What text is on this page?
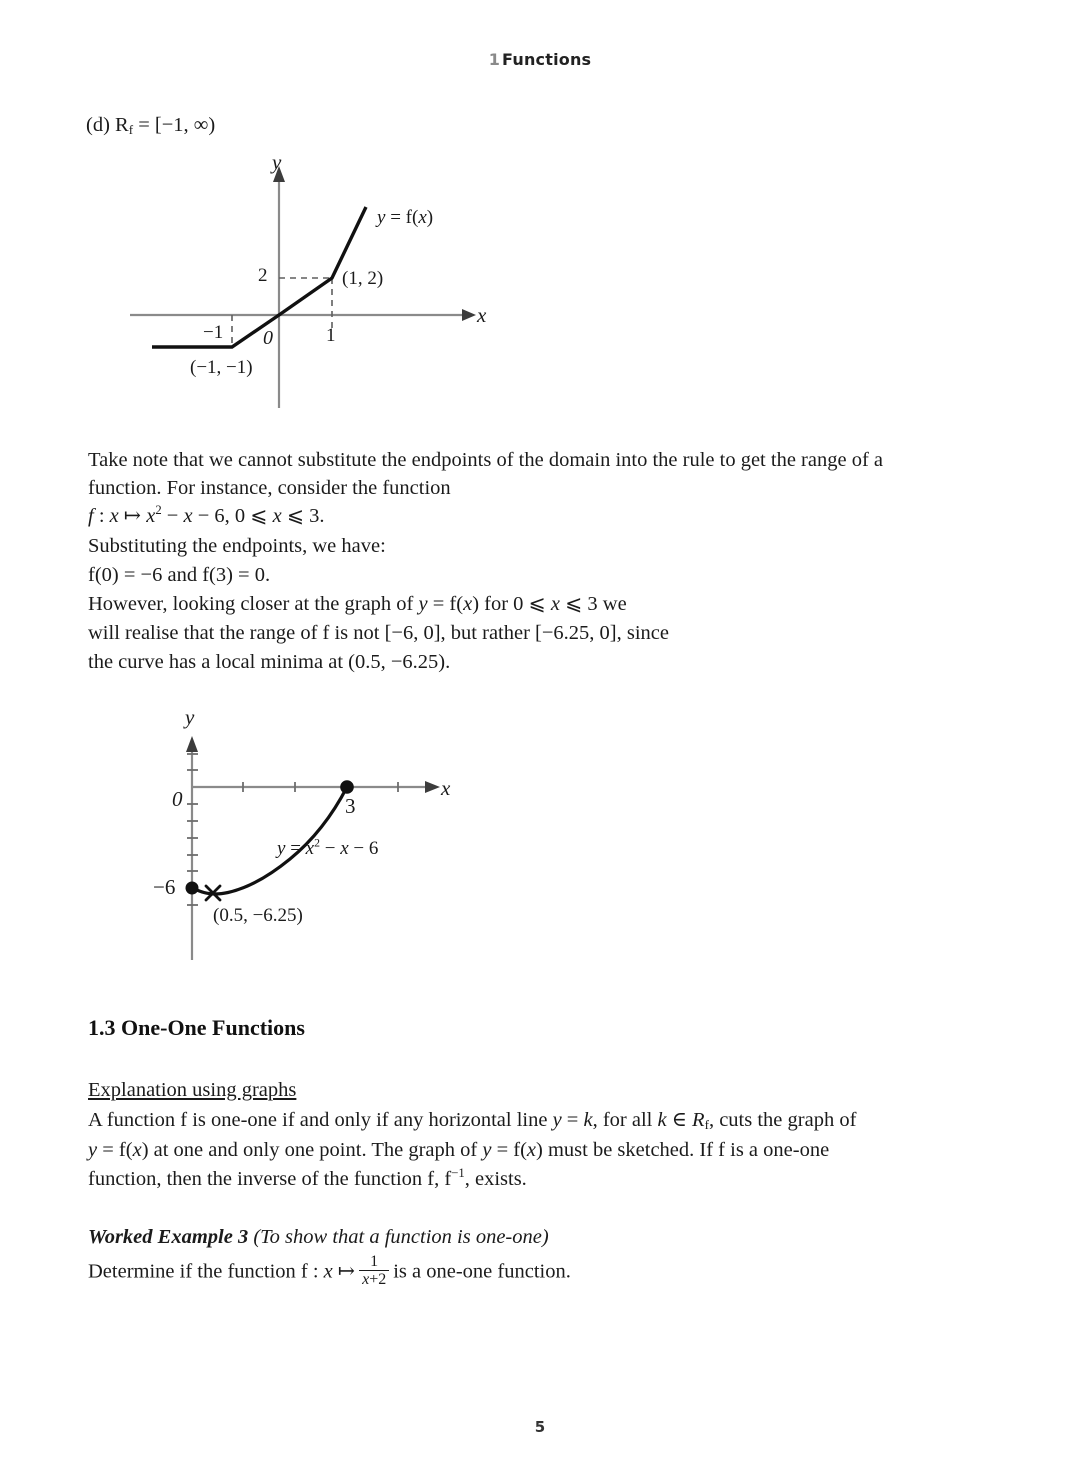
1 Functions
(d) $R_f = [-1$, ∞)
y
x
0
2
1
−1
(1, 2)
(−1, −1)
y = f(x)
Take note that we cannot substitute the endpoints of the domain into the rule to get the range of a
function. For instance, consider the function
f : x ↦ $x^2 - x - 6$, 0 ⩽ x ⩽ 3.
Substituting the endpoints, we have:
f(0) = −6 and f(3) = 0.
However, looking closer at the graph of y = f(x) for 0 ⩽ x ⩽ 3 we
will realise that the range of f is not [−6, 0], but rather [−6.25, 0], since
the curve has a local minima at (0.5, −6.25).
y
x
0	3
−6
(0.5, −6.25)
$y = x^2 - x - 6$
1.3 One-One Functions
Explanation using graphs
A function f is one-one if and only if any horizontal line y = k, for all k ∈ $R_f$, cuts the graph of
y = f(x) at one and only one point. The graph of y = f(x) must be sketched. If f is a one-one
function, then the inverse of the function f, $f^{-1}$, exists.
Worked Example 3 (To show that a function is one-one)
Determine if the function f : x ↦ $\frac{1}{x+2}$ is a one-one function.
5
